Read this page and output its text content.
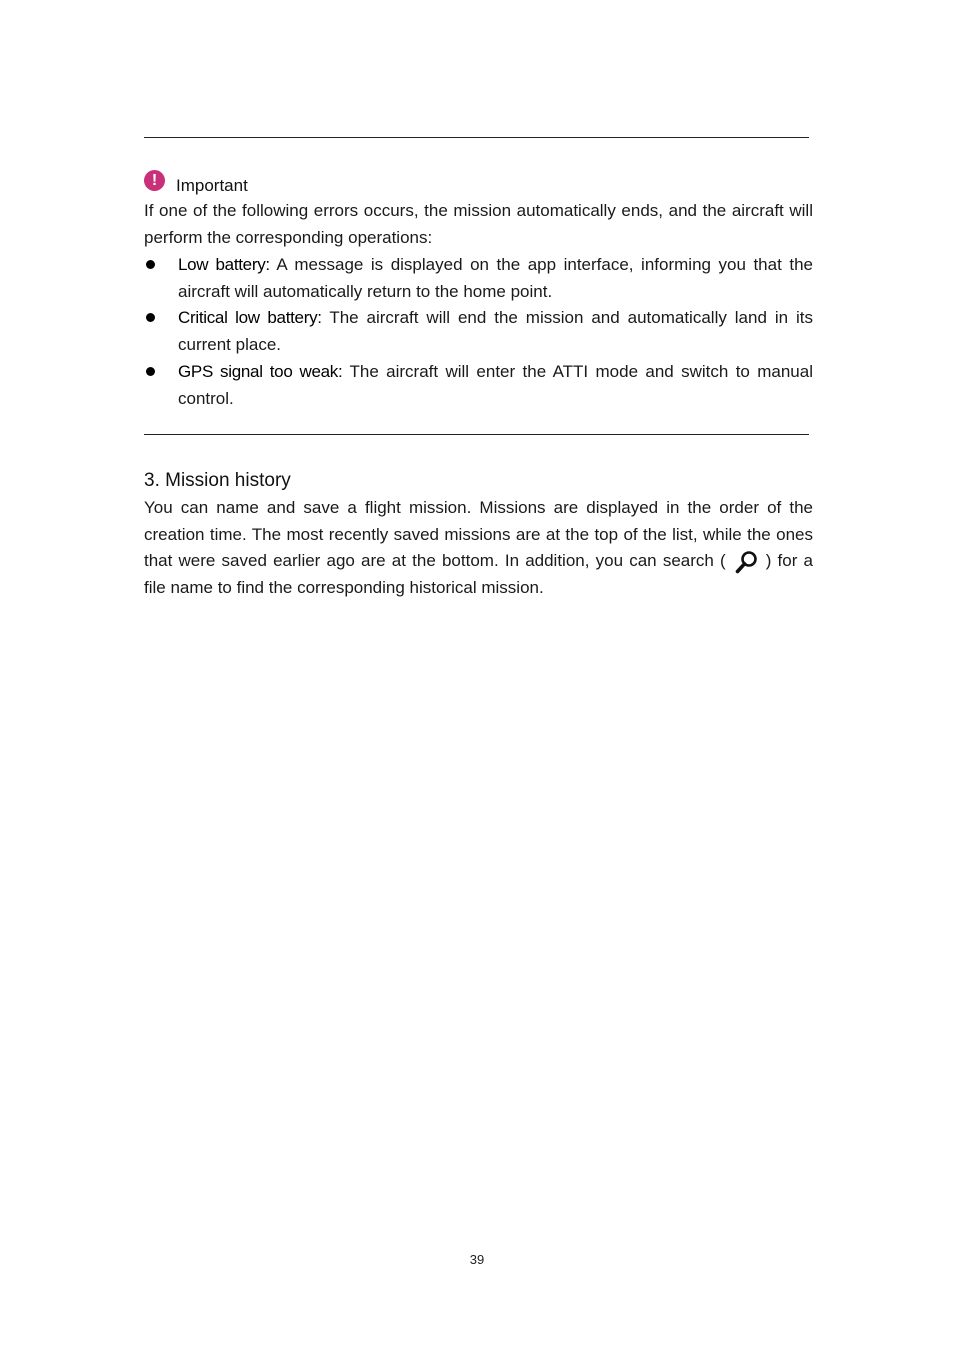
!	Important
If one of the following errors occurs, the mission automatically ends, and the aircraft will perform the corresponding operations:
Low battery: A message is displayed on the app interface, informing you that the aircraft will automatically return to the home point.
Critical low battery: The aircraft will end the mission and automatically land in its current place.
GPS signal too weak: The aircraft will enter the ATTI mode and switch to manual control.
3. Mission history
You can name and save a flight mission. Missions are displayed in the order of the creation time. The most recently saved missions are at the top of the list, while the ones that were saved earlier ago are at the bottom. In addition, you can search ( ) for a file name to find the corresponding historical mission.
39
